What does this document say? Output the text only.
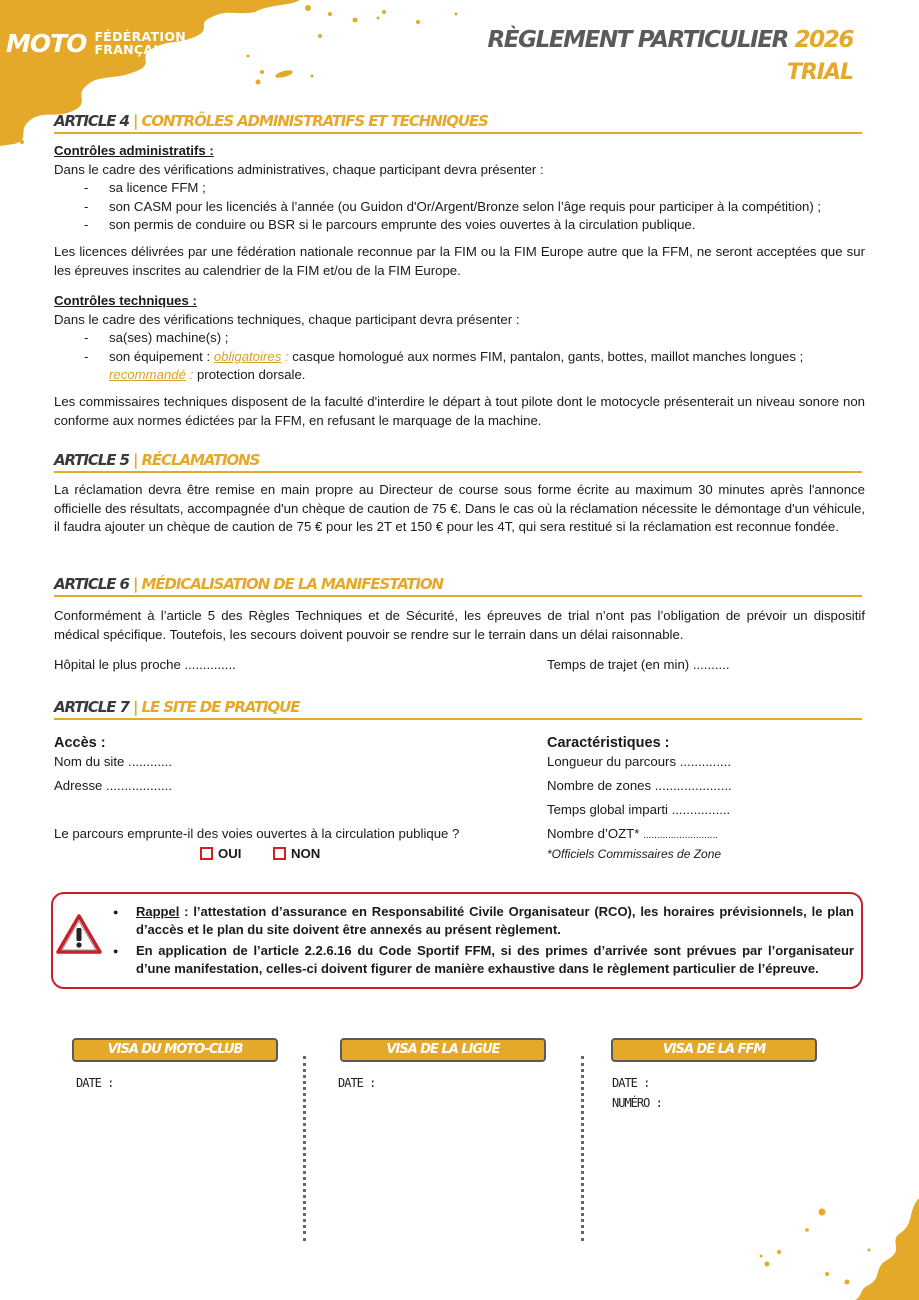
MOTO FÉDÉRATION
FRANÇAISE	RÈGLEMENT PARTICULIER 2026
TRIAL
ARTICLE 4 | CONTRÔLES ADMINISTRATIFS ET TECHNIQUES
Contrôles administratifs :
Dans le cadre des vérifications administratives, chaque participant devra présenter :
- sa licence FFM ;
- son CASM pour les licenciés à l’année (ou Guidon d'Or/Argent/Bronze selon l’âge requis pour participer à la compétition) ;
- son permis de conduire ou BSR si le parcours emprunte des voies ouvertes à la circulation publique.
Les licences délivrées par une fédération nationale reconnue par la FIM ou la FIM Europe autre que la FFM, ne seront acceptées que sur les épreuves inscrites au calendrier de la FIM et/ou de la FIM Europe.
Contrôles techniques :
Dans le cadre des vérifications techniques, chaque participant devra présenter :
- sa(ses) machine(s) ;
- son équipement : obligatoires : casque homologué aux normes FIM, pantalon, gants, bottes, maillot manches longues ;
recommandé : protection dorsale.
Les commissaires techniques disposent de la faculté d'interdire le départ à tout pilote dont le motocycle présenterait un niveau sonore non conforme aux normes édictées par la FFM, en refusant le marquage de la machine.
ARTICLE 5 | RÉCLAMATIONS
La réclamation devra être remise en main propre au Directeur de course sous forme écrite au maximum 30 minutes après l'annonce officielle des résultats, accompagnée d'un chèque de caution de 75 €. Dans le cas où la réclamation nécessite le démontage d'un véhicule, il faudra ajouter un chèque de caution de 75 € pour les 2T et 150 € pour les 4T, qui sera restitué si la réclamation est reconnue fondée.
ARTICLE 6 | MÉDICALISATION DE LA MANIFESTATION
Conformément à l’article 5 des Règles Techniques et de Sécurité, les épreuves de trial n’ont pas l’obligation de prévoir un dispositif médical spécifique. Toutefois, les secours doivent pouvoir se rendre sur le terrain dans un délai raisonnable.
Hôpital le plus proche ..............	Temps de trajet (en min) ..........
ARTICLE 7 | LE SITE DE PRATIQUE
Accès :
Nom du site ............
Adresse ..................
Le parcours emprunte-il des voies ouvertes à la circulation publique ?
OUI	NON
Caractéristiques :
Longueur du parcours ..............
Nombre de zones .....................
Temps global imparti ................
Nombre d’OZT* ...........................
*Officiels Commissaires de Zone
● Rappel : l’attestation d’assurance en Responsabilité Civile Organisateur (RCO), les horaires prévisionnels, le plan d’accès et le plan du site doivent être annexés au présent règlement.
● En application de l’article 2.2.6.16 du Code Sportif FFM, si des primes d’arrivée sont prévues par l’organisateur d’une manifestation, celles-ci doivent figurer de manière exhaustive dans le règlement particulier de l’épreuve.
VISA DU MOTO-CLUB	VISA DE LA LIGUE	VISA DE LA FFM
DATE :	DATE :	DATE :
NUMÉRO :
